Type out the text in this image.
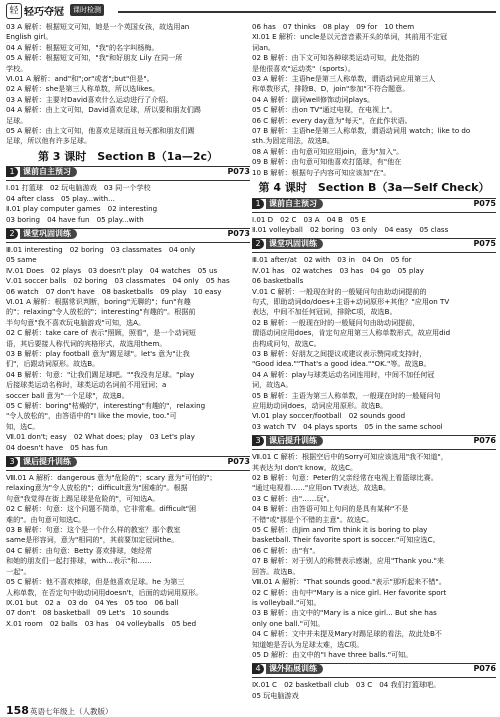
轻 轻巧夺冠	课时检测
03 A 解析：根据短文可知，她是一个英国女孩，故选用an
English girl。
04 A 解析：根据短文可知，"我"的名字叫杨梅。
05 A 解析：根据短文可知，"我"和好朋友 Lily 在同一所
学校。
Ⅵ.01 A 解析：and"和";or"或者";but"但是"。
02 A 解析：she是第三人称单数，所以选likes。
03 A 解析：主要对David喜欢什么运动进行了介绍。
04 A 解析：由上文可知，David喜欢足球，所以要和朋友们踢
足球。
05 A 解析：由上文可知，他喜欢足球而且每天都和朋友们踢
足球，所以他有许多足球。
第 3 课时　Section B（1a—2c）
1	课前自主预习	P073
Ⅰ.01 打篮球　02 玩电脑游戏　03 同一个学校
04 after class　05 play...with...
Ⅱ.01 play computer games　02 interesting
03 boring　04 have fun　05 play...with
2	课堂巩固训练	P073
Ⅲ.01 interesting　02 boring　03 classmates　04 only
05 same
Ⅳ.01 Does　02 plays　03 doesn't play　04 watches　05 us
Ⅴ.01 soccer balls　02 boring　03 classmates　04 only　05 has
06 watch　07 don't have　08 basketballs　09 play　10 easy
Ⅵ.01 A 解析：根据常识判断，boring"无聊的"；fun"有趣
的"；relaxing"令人放松的"；interesting"有趣的"。根据前
半句句意"我不喜欢玩电脑游戏"可知，选A。
02 C 解析：take care of 表示"照顾，照看"，是一个动词短
语，其后要接人称代词的宾格形式，故选用them。
03 B 解析：play football 意为"踢足球"。let's 意为"让我
们"，后跟动词原形。故选B。
04 B 解析：句意："让我们踢足球吧。""我没有足球。"play
后接球类运动名称时，球类运动名词前不用冠词；a
soccer ball 意为"一个足球"，故选B。
05 C 解析：boring"枯燥的"，interesting"有趣的"，relaxing
"令人放松的"，由答语中的"I like the movie, too."可
知，选C。
Ⅶ.01 don't; easy　02 What does; play　03 Let's play
04 doesn't have　05 has fun
3	课后提升训练	P073
Ⅷ.01 A 解析：dangerous 意为"危险的"；scary 意为"可怕的"；
relaxing意为"令人放松的"；difficult意为"困难的"。根据
句意"我觉得在街上踢足球是危险的"，可知选A。
02 C 解析：句意：这个问题不简单，它非常难。difficult"困
难的"。由句意可知选C。
03 B 解析：句意：这个是一个什么样的教室？那个教室
same是形容词，意为"相同的"，其前要加定冠词the。
04 C 解析：由句意：Betty 喜欢排球，她经常
和她的朋友们一起打排球，with...表示"和……
一起"。
05 C 解析：他不喜欢棒球，但是他喜欢足球。he 为第三
人称单数，在否定句中助动词用doesn't，后面的动词用原形。
Ⅸ.01 but　02 a　03 do　04 Yes　05 too　06 ball
07 don't　08 basketball　09 Let's　10 sounds
Ⅹ.01 room　02 balls　03 has　04 volleyballs　05 bed
06 has　07 thinks　08 play　09 for　10 them
Ⅺ.01 E 解析：uncle是以元音音素开头的单词，其前用不定冠
词an。
02 B 解析：由下文可知各种球类运动可知，此处指的
是他很喜欢"运动类"（sports）。
03 A 解析：主语he是第三人称单数，谓语动词应用第三人
称单数形式，排除B、D，join"参加"不符合题意。
04 A 解析：副词well修饰动词plays。
05 C 解析：由on TV"通过电视，在电视上"。
06 C 解析：every day意为"每天"，在此作状语。
07 B 解析：主语he是第三人称单数，谓语动词用 watch；like to do
sth.为固定用法，故选B。
08 A 解析：由句意可知应用join，意为"加入"。
09 B 解析：由句意可知他喜欢打篮球，有"他在
10 B 解析：根据句子内容可知应该加"在"。
第 4 课时　Section B（3a—Self Check）
1	课前自主预习	P075
Ⅰ.01 D　02 C　03 A　04 B　05 E
Ⅱ.01 volleyball　02 boring　03 only　04 easy　05 class
2	课堂巩固训练	P075
Ⅲ.01 after/at　02 with　03 in　04 On　05 for
Ⅳ.01 has　02 watches　03 has　04 go　05 play
06 basketballs
Ⅴ.01 C 解析：一般现在时的一般疑问句由助动词提前的
句式，即助动词do/does+主语+动词原形+其他？"应用on TV
表达，中间不加任何冠词，排除C项，故选B。
02 B 解析：一般现在时的一般疑问句由助动词提前，
谓语动词应用does，肯定句应用第三人称单数形式，故应用did
由构成问句，故选C。
03 B 解析：好朋友之间提议或建议表示赞同或支持时，
"Good idea.""That's a good idea.""OK."等。故选B。
04 A 解析：play与球类运动名词连用时，中间不加任何冠
词，故选A。
05 B 解析：主语为第三人称单数，一般现在时的一般疑问句
应用助动词does，动词应用原形。故选B。
Ⅵ.01 play soccer/football　02 sounds good
03 watch TV　04 plays sports　05 in the same school
3	课后提升训练	P076
Ⅶ.01 C 解析：根据空后中的Sorry可知应该选用"我不知道"，
其表达为I don't know。故选C。
02 B 解析：句意：Peter的父亲经常在电视上看篮球比赛。
"通过电视看……"应用on TV表达，故选B。
03 C 解析：由"……玩"。
04 B 解析：由答语可知上句问的是具有某种"不是
不错"或"那是个不错的主意"。故选C。
05 C 解析：由Jim and Tim think it is boring to play
basketball. Their favorite sport is soccer."可知应选C。
06 C 解析：由"有"。
07 B 解析：对于别人的称赞表示感谢，应用"Thank you."来
回答。故选B。
Ⅷ.01 A 解析："That sounds good."表示"那听起来不错"。
02 C 解析：由句中"Mary is a nice girl. Her favorite sport
is volleyball."可知。
03 B 解析：由文中的"Mary is a nice girl... But she has
only one ball."可知。
04 C 解析：文中并未提及Mary对踢足球的看法，故此处B不
知道她是否认为足球太难，选C项。
05 D 解析：由文中的"I have three balls."可知。
4	课外拓展训练	P076
Ⅸ.01 C　02 basketball club　03 C　04 我们打篮球吧。
05 玩电脑游戏
158 英语七年级上（人教版）
